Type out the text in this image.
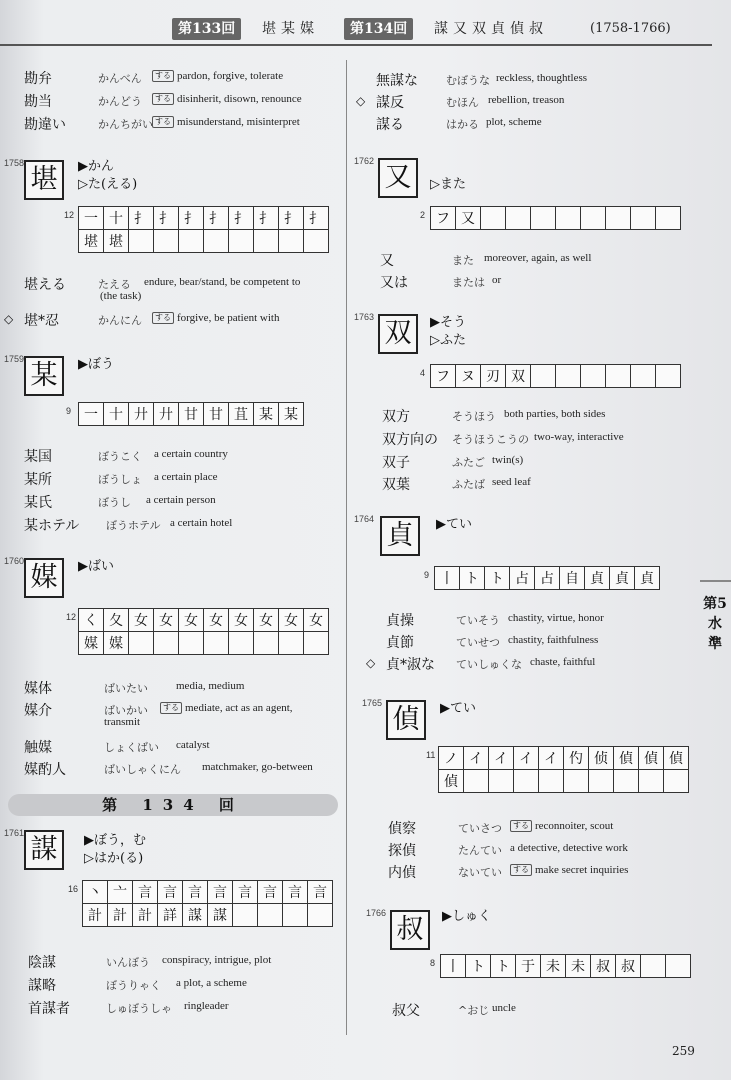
第133回	堪某媒	第134回	謀又双貞偵叔	(1758-1766)
勘弁	かんべん	する pardon, forgive, tolerate
勘当	かんどう	する disinherit, disown, renounce
勘違い	かんちがい する misunderstand, misinterpret
1758
堪	▶かん
▷た(える)
12 一	十	扌	扌	扌	扌	扌	扌	扌	扌
堪	堪								
堪える	たえる endure, bear/stand, be competent to
(the task)
◇ 堪*忍	かんにん	する forgive, be patient with
1759
某	▶ぼう
9 一	十	廾	廾	甘	甘	苴	某	某
某国	ぼうこく a certain country
某所	ぼうしょ a certain place
某氏	ぼうし a certain person
某ホテル ぼうホテル a certain hotel
1760
媒	▶ばい
12 く	夂	女	女	女	女	女	女	女	女
媒	媒								
媒体	ばいたい	media, medium
媒介	ばいかい	する mediate, act as an agent,
transmit
触媒	しょくばい catalyst
媒酌人	ばいしゃくにん matchmaker, go-between
第 134 回
1761
謀	▶ぼう，む
▷はか(る)
16 丶	亠	言	言	言	言	言	言	言	言
計	計	計	詳	謀	謀				
陰謀	いんぼう conspiracy, intrigue, plot
謀略	ぼうりゃく a plot, a scheme
首謀者	しゅぼうしゃ ringleader
◇
無謀な	むぼうな reckless, thoughtless
謀反	むほん rebellion, treason
謀る	はかる plot, scheme
1762
又	▷また
2 フ	又								
又	また moreover, again, as well
又は	または or
1763
双	▶そう
▷ふた
4 フ	ヌ	刃	双						
双方	そうほう both parties, both sides
双方向の そうほうこうの two-way, interactive
双子	ふたご twin(s)
双葉	ふたば seed leaf
1764
貞	▶てい
9 丨	ト	ト	占	占	自	貞	貞	貞
◇
貞操	ていそう chastity, virtue, honor
貞節	ていせつ chastity, faithfulness
貞*淑な ていしゅくな chaste, faithful
1765
偵	▶てい
11 ノ	イ	イ	イ	イ	仢	侦	偵	偵	偵
偵									
偵察	ていさつ	する reconnoiter, scout
探偵	たんてい a detective, detective work
内偵	ないてい	する make secret inquiries
1766
叔	▶しゅく
8 丨	ト	ト	于	未	未	叔	叔		
叔父	^おじ uncle
第5水準
259
